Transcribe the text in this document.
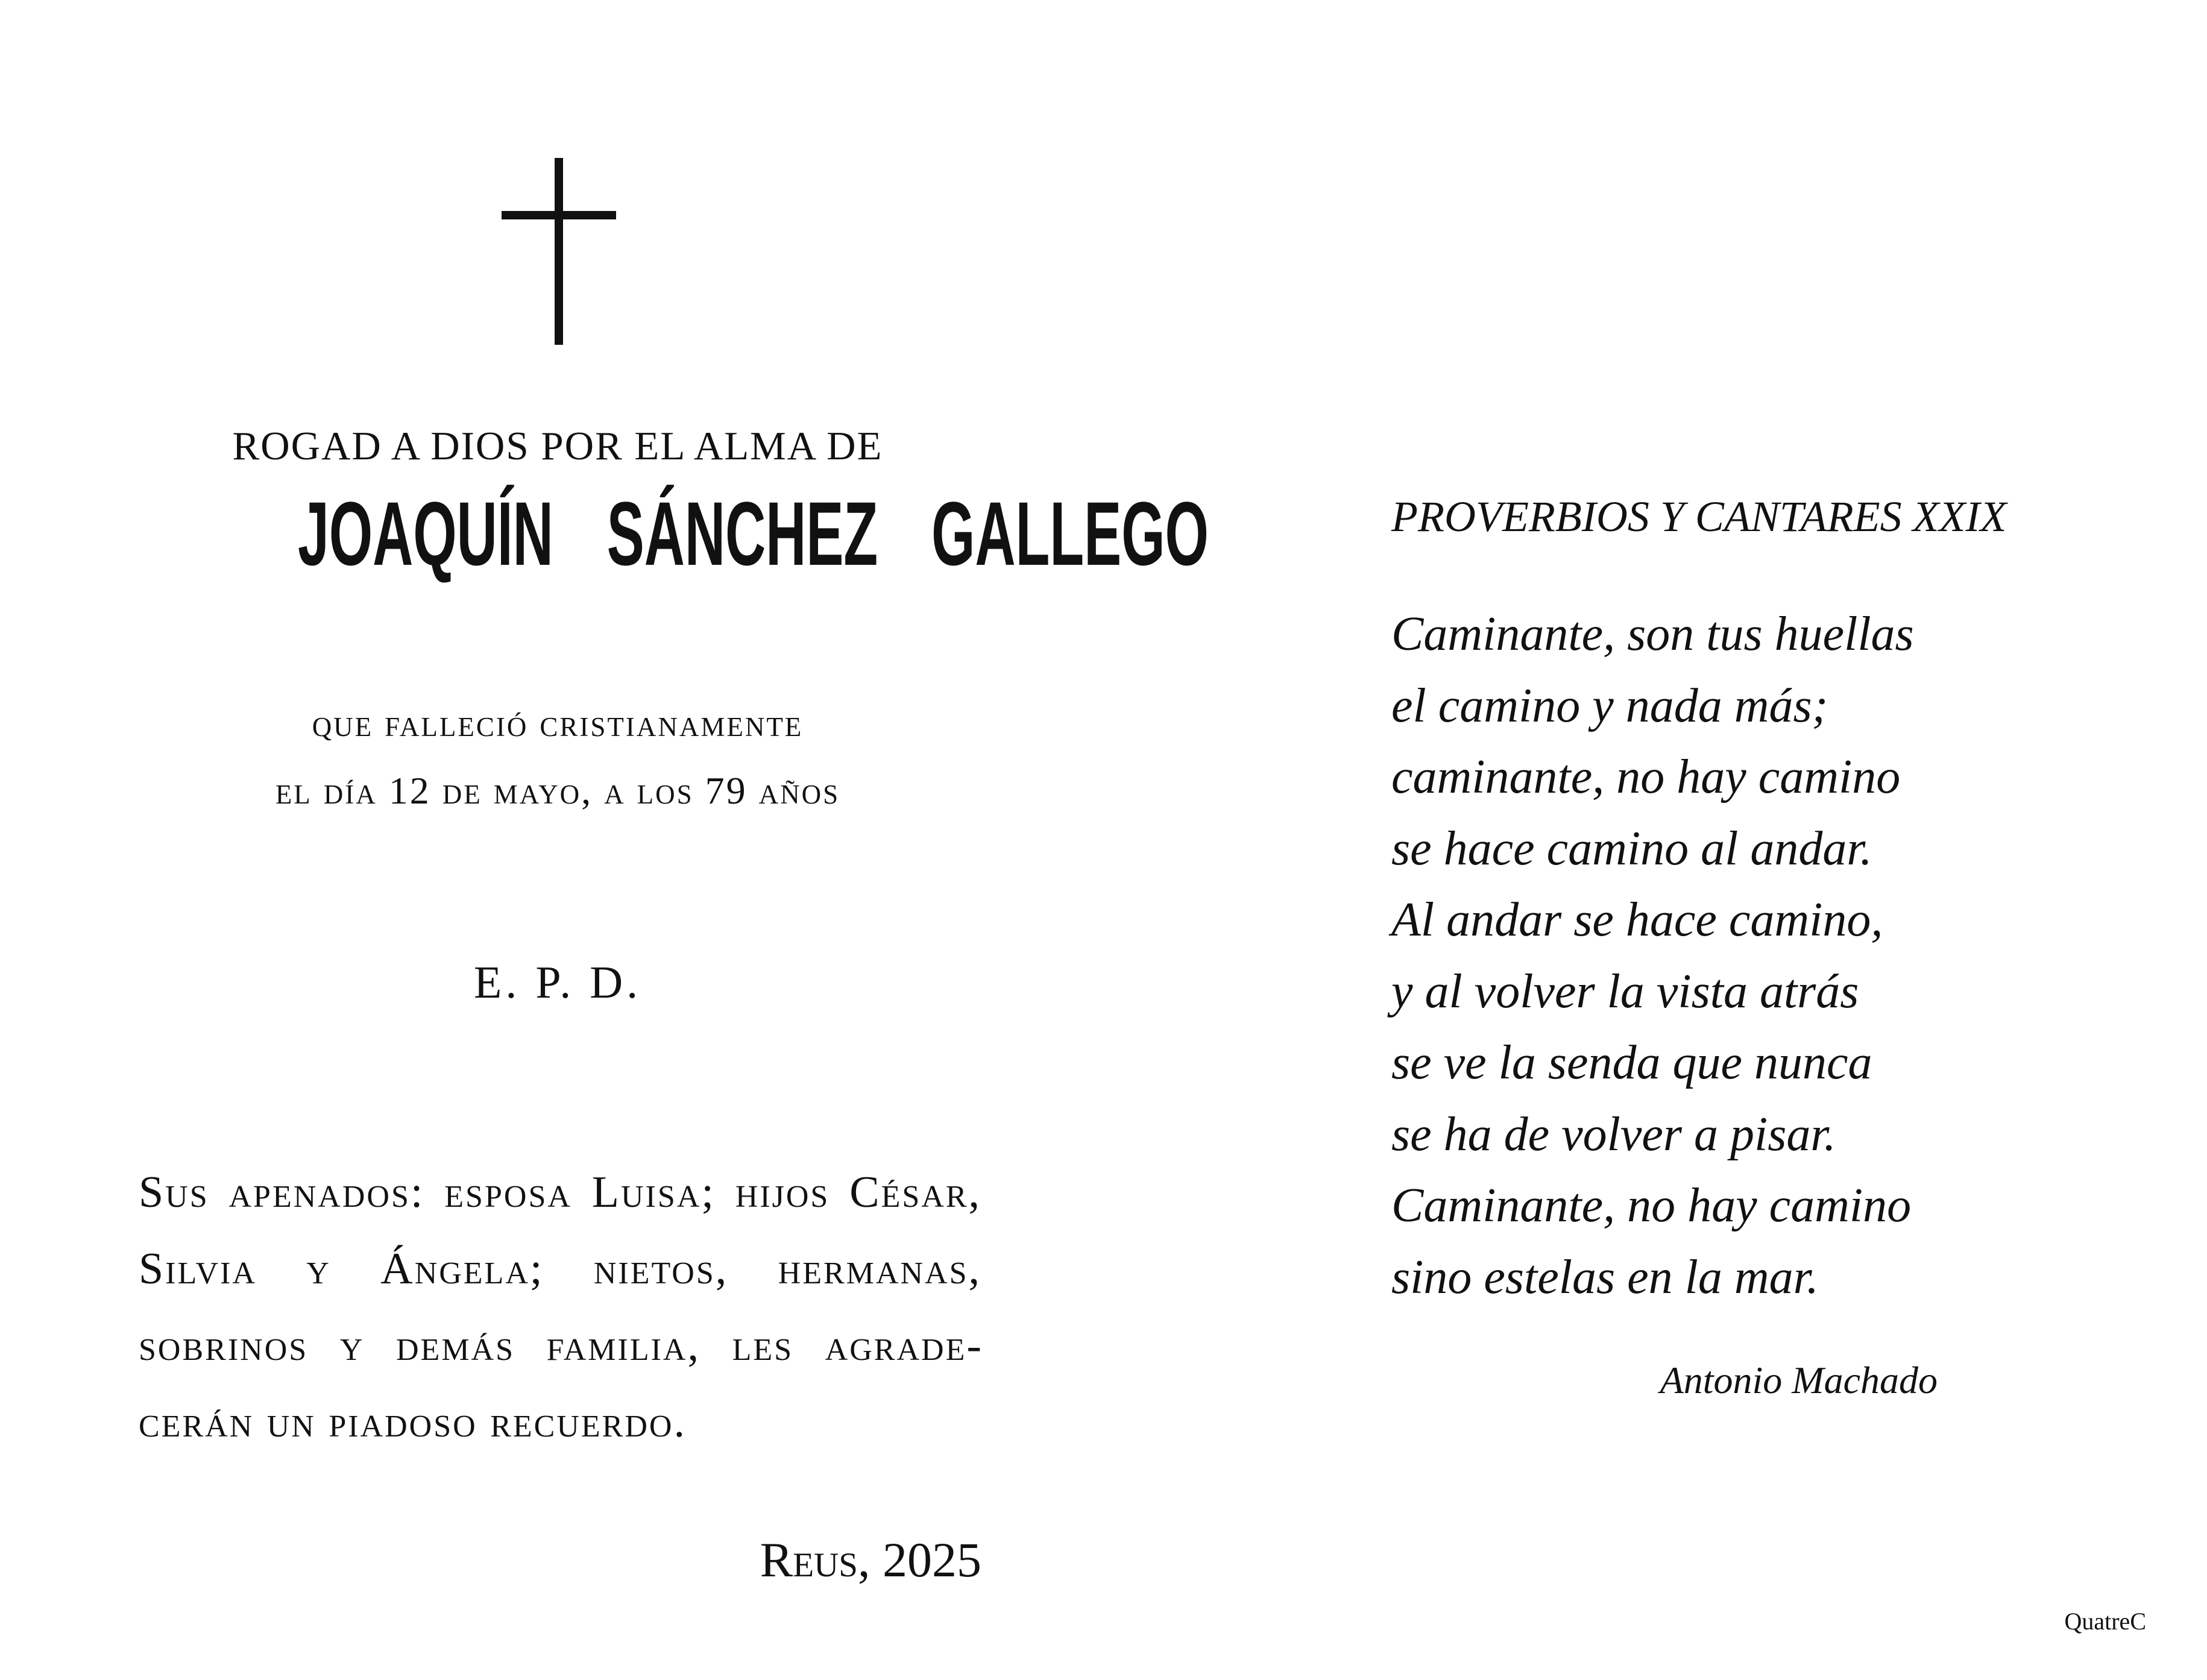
ROGAD A DIOS POR EL ALMA DE
JOAQUÍN  SÁNCHEZ  GALLEGO
que falleció cristianamente
el día 12 de mayo, a los 79 años
E. P. D.
Sus apenados: esposa Luisa; hijos César, Silvia y Ángela; nietos, hermanas, sobrinos y demás familia, les agradecerán un piadoso recuerdo.
Reus, 2025
PROVERBIOS Y CANTARES XXIX
Caminante, son tus huellas
el camino y nada más;
caminante, no hay camino
se hace camino al andar.
Al andar se hace camino,
y al volver la vista atrás
se ve la senda que nunca
se ha de volver a pisar.
Caminante, no hay camino
sino estelas en la mar.
Antonio Machado
QuatreC
